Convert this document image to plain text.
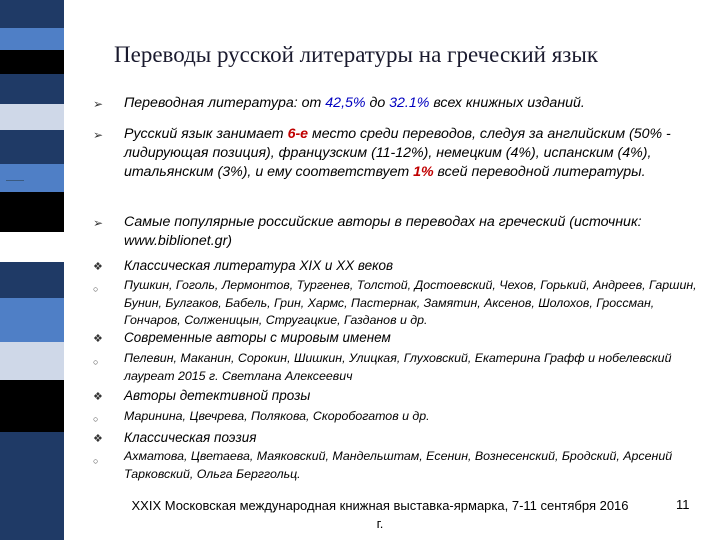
Переводы русской литературы на греческий язык
➢ Переводная литература: от 42,5% до 32.1% всех книжных изданий.
➢ Русский язык занимает 6-е место среди переводов, следуя за английским (50% - лидирующая позиция), французским (11-12%), немецким (4%), испанским (4%), итальянским (3%), и ему соответствует 1% всей переводной литературы.
➢ Самые популярные российские авторы в переводах на греческий (источник: www.biblionet.gr)
❖ Классическая литература XIX и XX веков
○ Пушкин, Гоголь, Лермонтов, Тургенев, Толстой, Достоевский, Чехов, Горький, Андреев, Гаршин, Бунин, Булгаков, Бабель, Грин, Хармс, Пастернак, Замятин, Аксенов, Шолохов, Гроссман, Гончаров, Солженицын, Стругацкие, Газданов и др.
❖ Современные авторы с мировым именем
○ Пелевин, Маканин, Сорокин, Шишкин, Улицкая, Глуховский, Екатерина Графф и нобелевский лауреат 2015 г. Светлана Алексеевич
❖ Авторы детективной прозы
○ Маринина, Цвечрева, Полякова, Скоробогатов и др.
❖ Классическая поэзия
○ Ахматова, Цветаева, Маяковский, Мандельштам, Есенин, Вознесенский, Бродский, Арсений Тарковский, Ольга Берггольц.
XXIX Московская международная книжная выставка-ярмарка, 7-11 сентября 2016 г.
11
